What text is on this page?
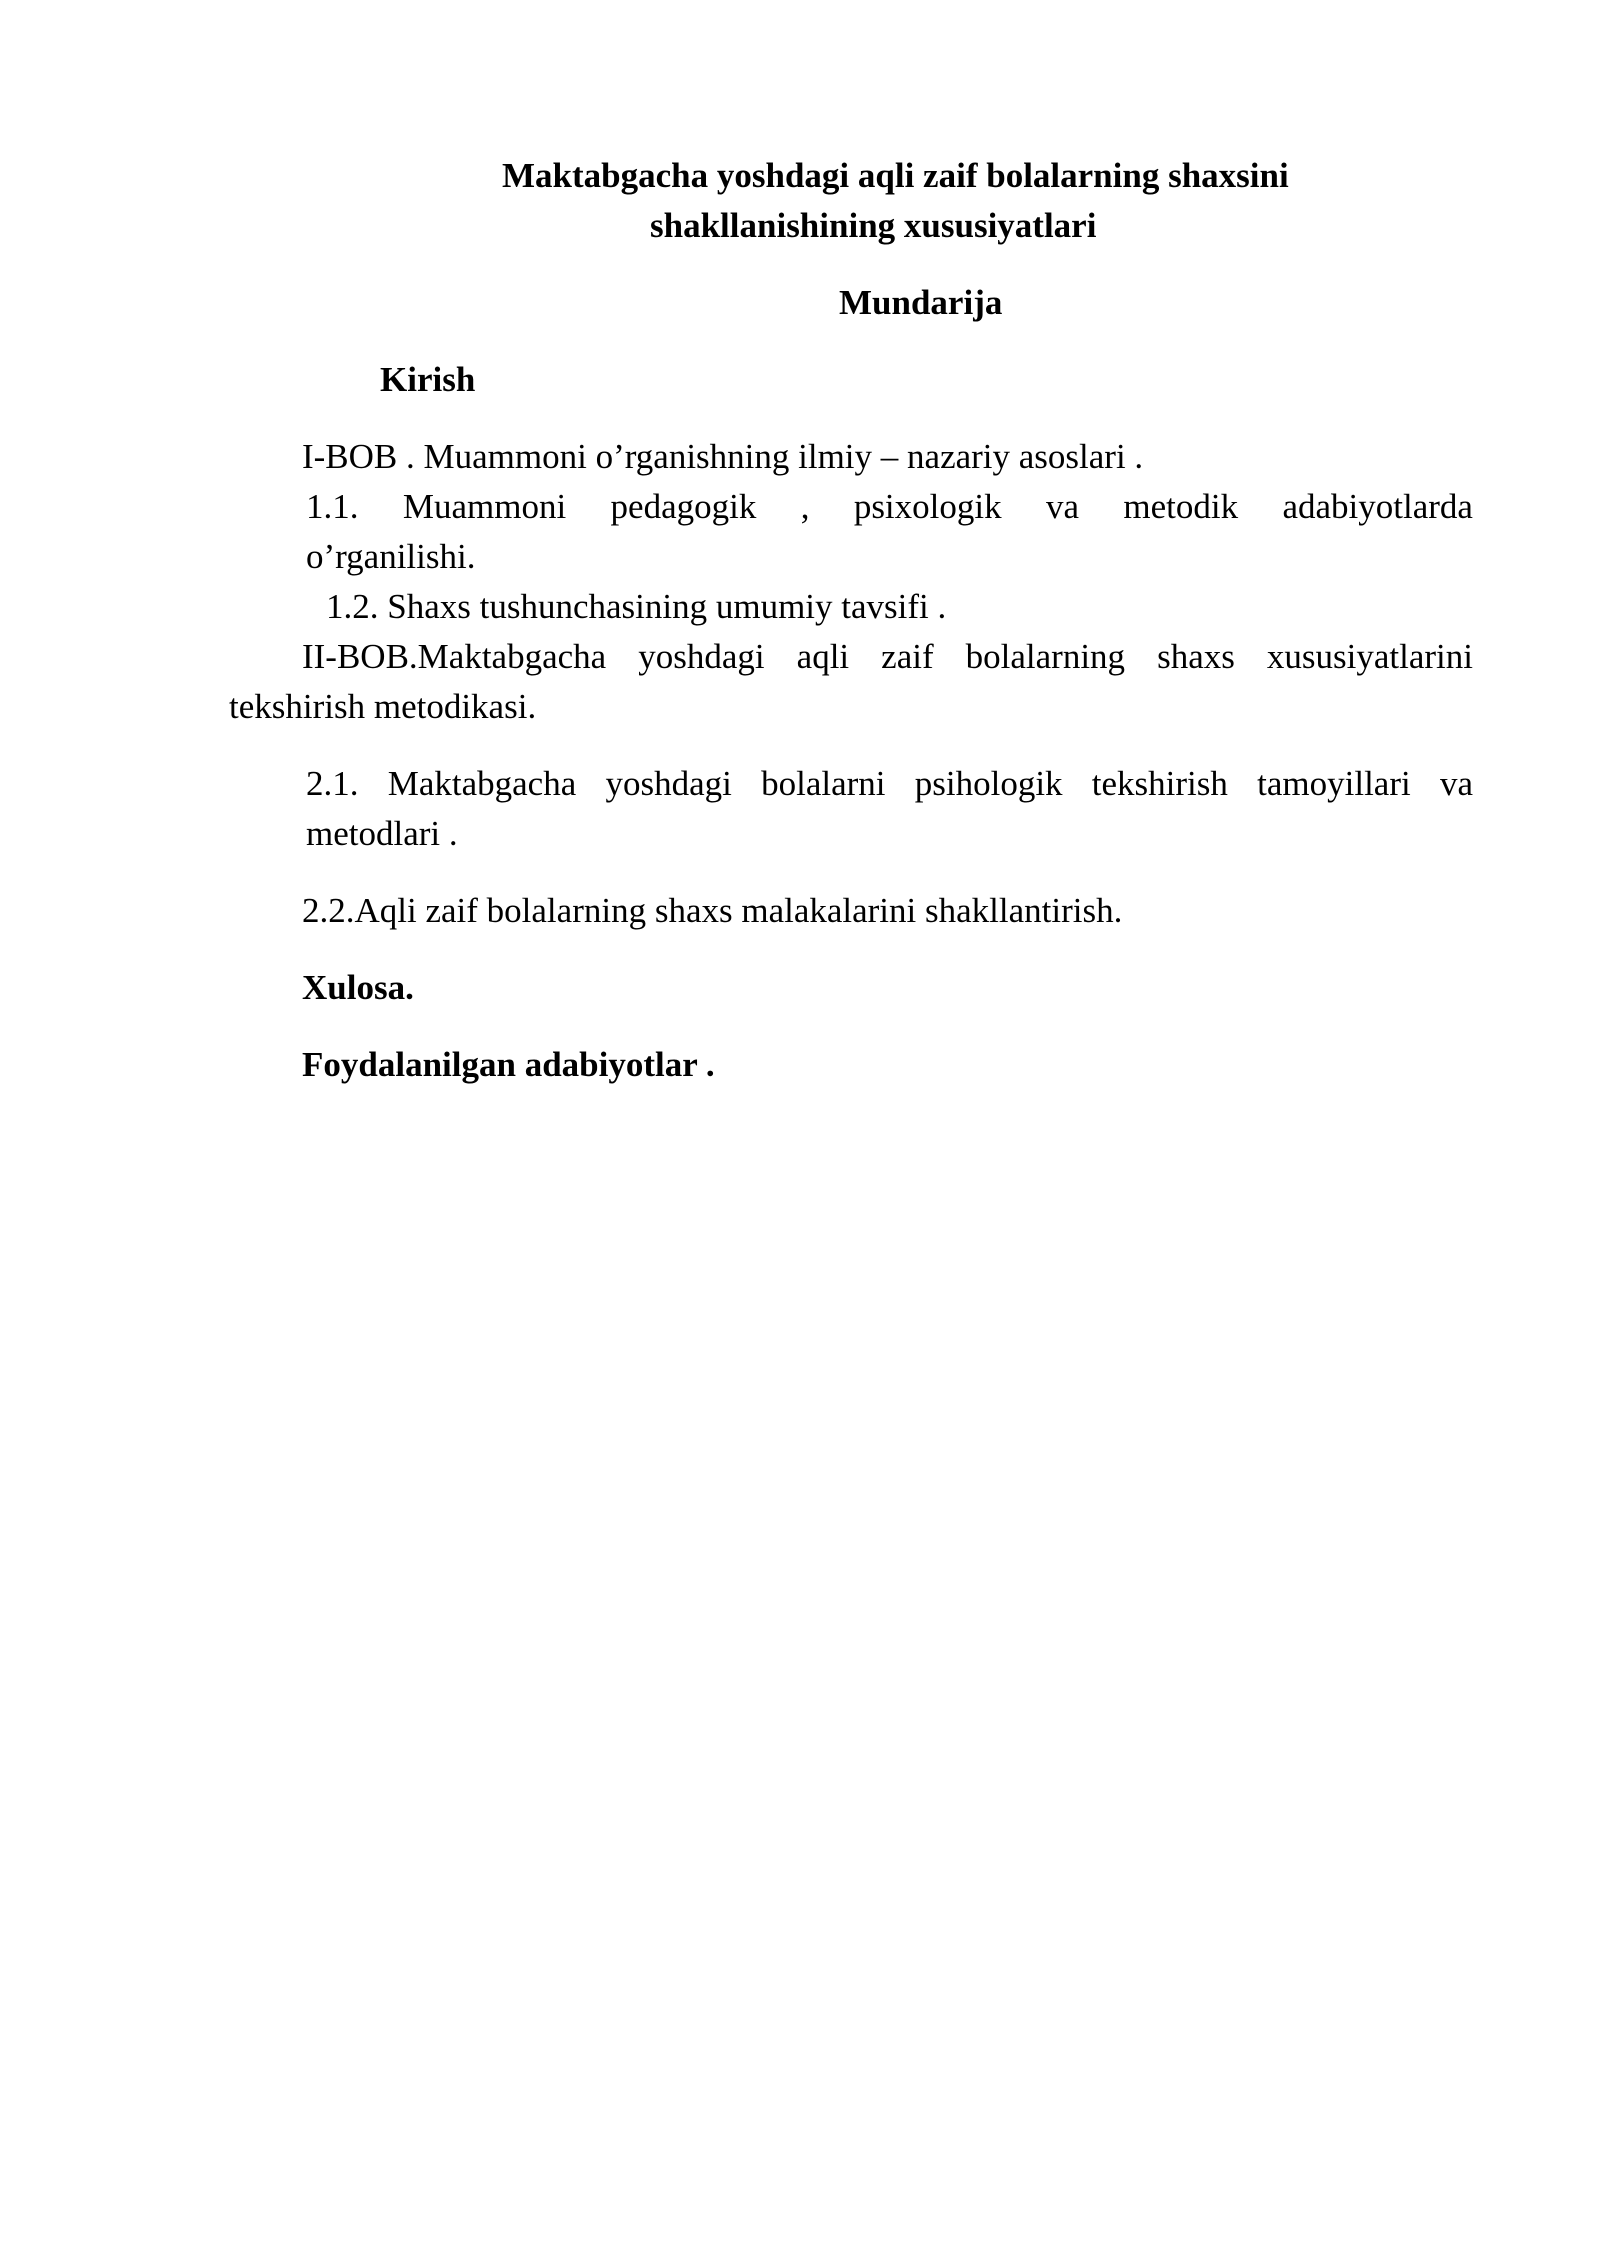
Maktabgacha yoshdagi aqli zaif bolalarning shaxsini
shakllanishining xususiyatlari
Mundarija
Kirish
I-BOB . Muammoni o’rganishning ilmiy – nazariy asoslari .
1.1. Muammoni pedagogik , psixologik va metodik adabiyotlarda
o’rganilishi.
1.2. Shaxs tushunchasining umumiy tavsifi .
II-BOB.Maktabgacha yoshdagi aqli zaif bolalarning shaxs xususiyatlarini
tekshirish metodikasi.
2.1. Maktabgacha yoshdagi bolalarni psihologik tekshirish tamoyillari va
metodlari .
2.2.Aqli zaif bolalarning shaxs malakalarini shakllantirish.
Xulosa.
Foydalanilgan adabiyotlar .
